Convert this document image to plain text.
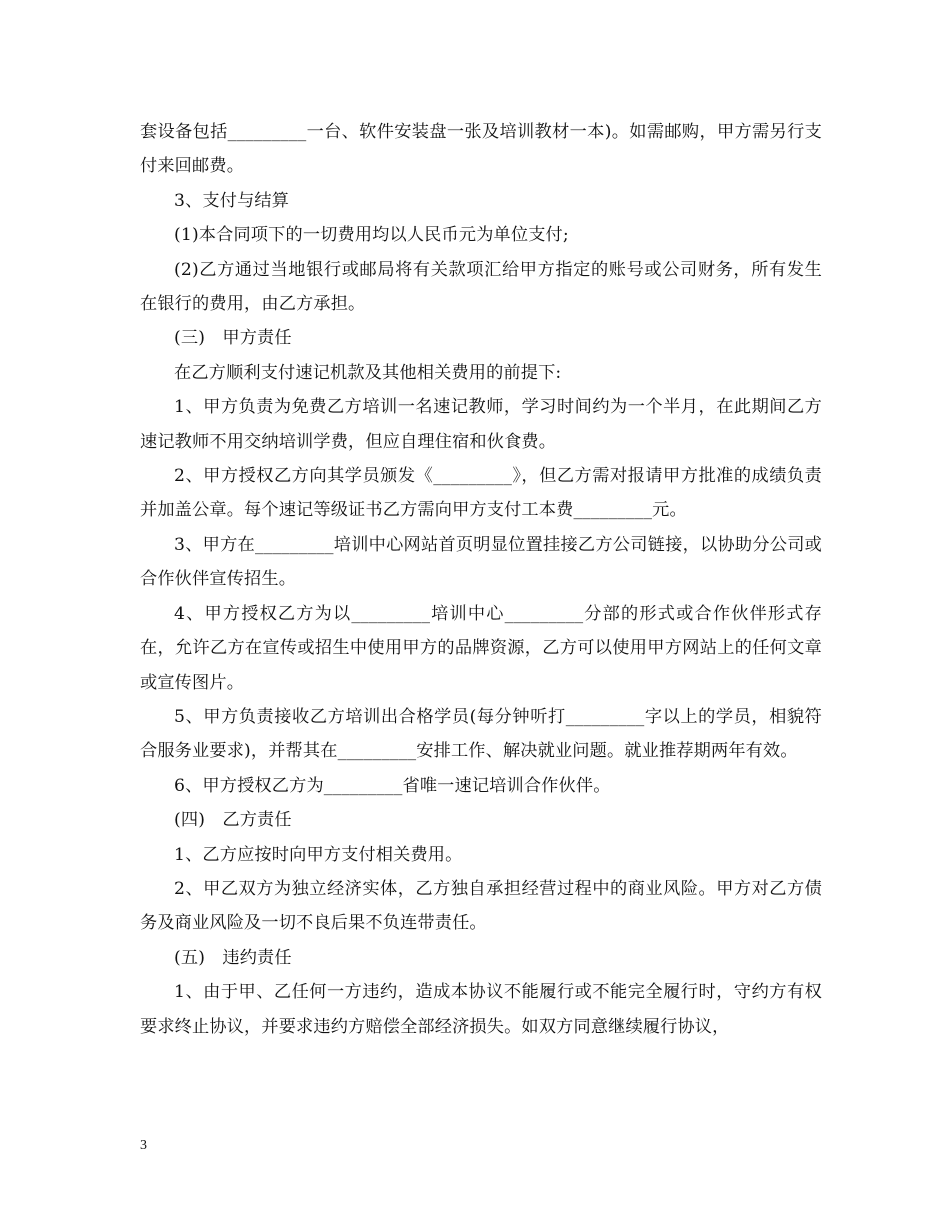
套设备包括_________一台、软件安装盘一张及培训教材一本)。如需邮购，甲方需另行支付来回邮费。

3、支付与结算

(1)本合同项下的一切费用均以人民币元为单位支付;

(2)乙方通过当地银行或邮局将有关款项汇给甲方指定的账号或公司财务，所有发生在银行的费用，由乙方承担。

(三)　甲方责任

在乙方顺利支付速记机款及其他相关费用的前提下:

1、甲方负责为免费乙方培训一名速记教师，学习时间约为一个半月，在此期间乙方速记教师不用交纳培训学费，但应自理住宿和伙食费。

2、甲方授权乙方向其学员颁发《_________》，但乙方需对报请甲方批准的成绩负责并加盖公章。每个速记等级证书乙方需向甲方支付工本费_________元。

3、甲方在_________培训中心网站首页明显位置挂接乙方公司链接，以协助分公司或合作伙伴宣传招生。

4、甲方授权乙方为以_________培训中心_________分部的形式或合作伙伴形式存在，允许乙方在宣传或招生中使用甲方的品牌资源，乙方可以使用甲方网站上的任何文章或宣传图片。

5、甲方负责接收乙方培训出合格学员(每分钟听打_________字以上的学员，相貌符合服务业要求)，并帮其在_________安排工作、解决就业问题。就业推荐期两年有效。

6、甲方授权乙方为_________省唯一速记培训合作伙伴。

(四)　乙方责任

1、乙方应按时向甲方支付相关费用。

2、甲乙双方为独立经济实体，乙方独自承担经营过程中的商业风险。甲方对乙方债务及商业风险及一切不良后果不负连带责任。

(五)　违约责任

1、由于甲、乙任何一方违约，造成本协议不能履行或不能完全履行时，守约方有权要求终止协议，并要求违约方赔偿全部经济损失。如双方同意继续履行协议，

3
